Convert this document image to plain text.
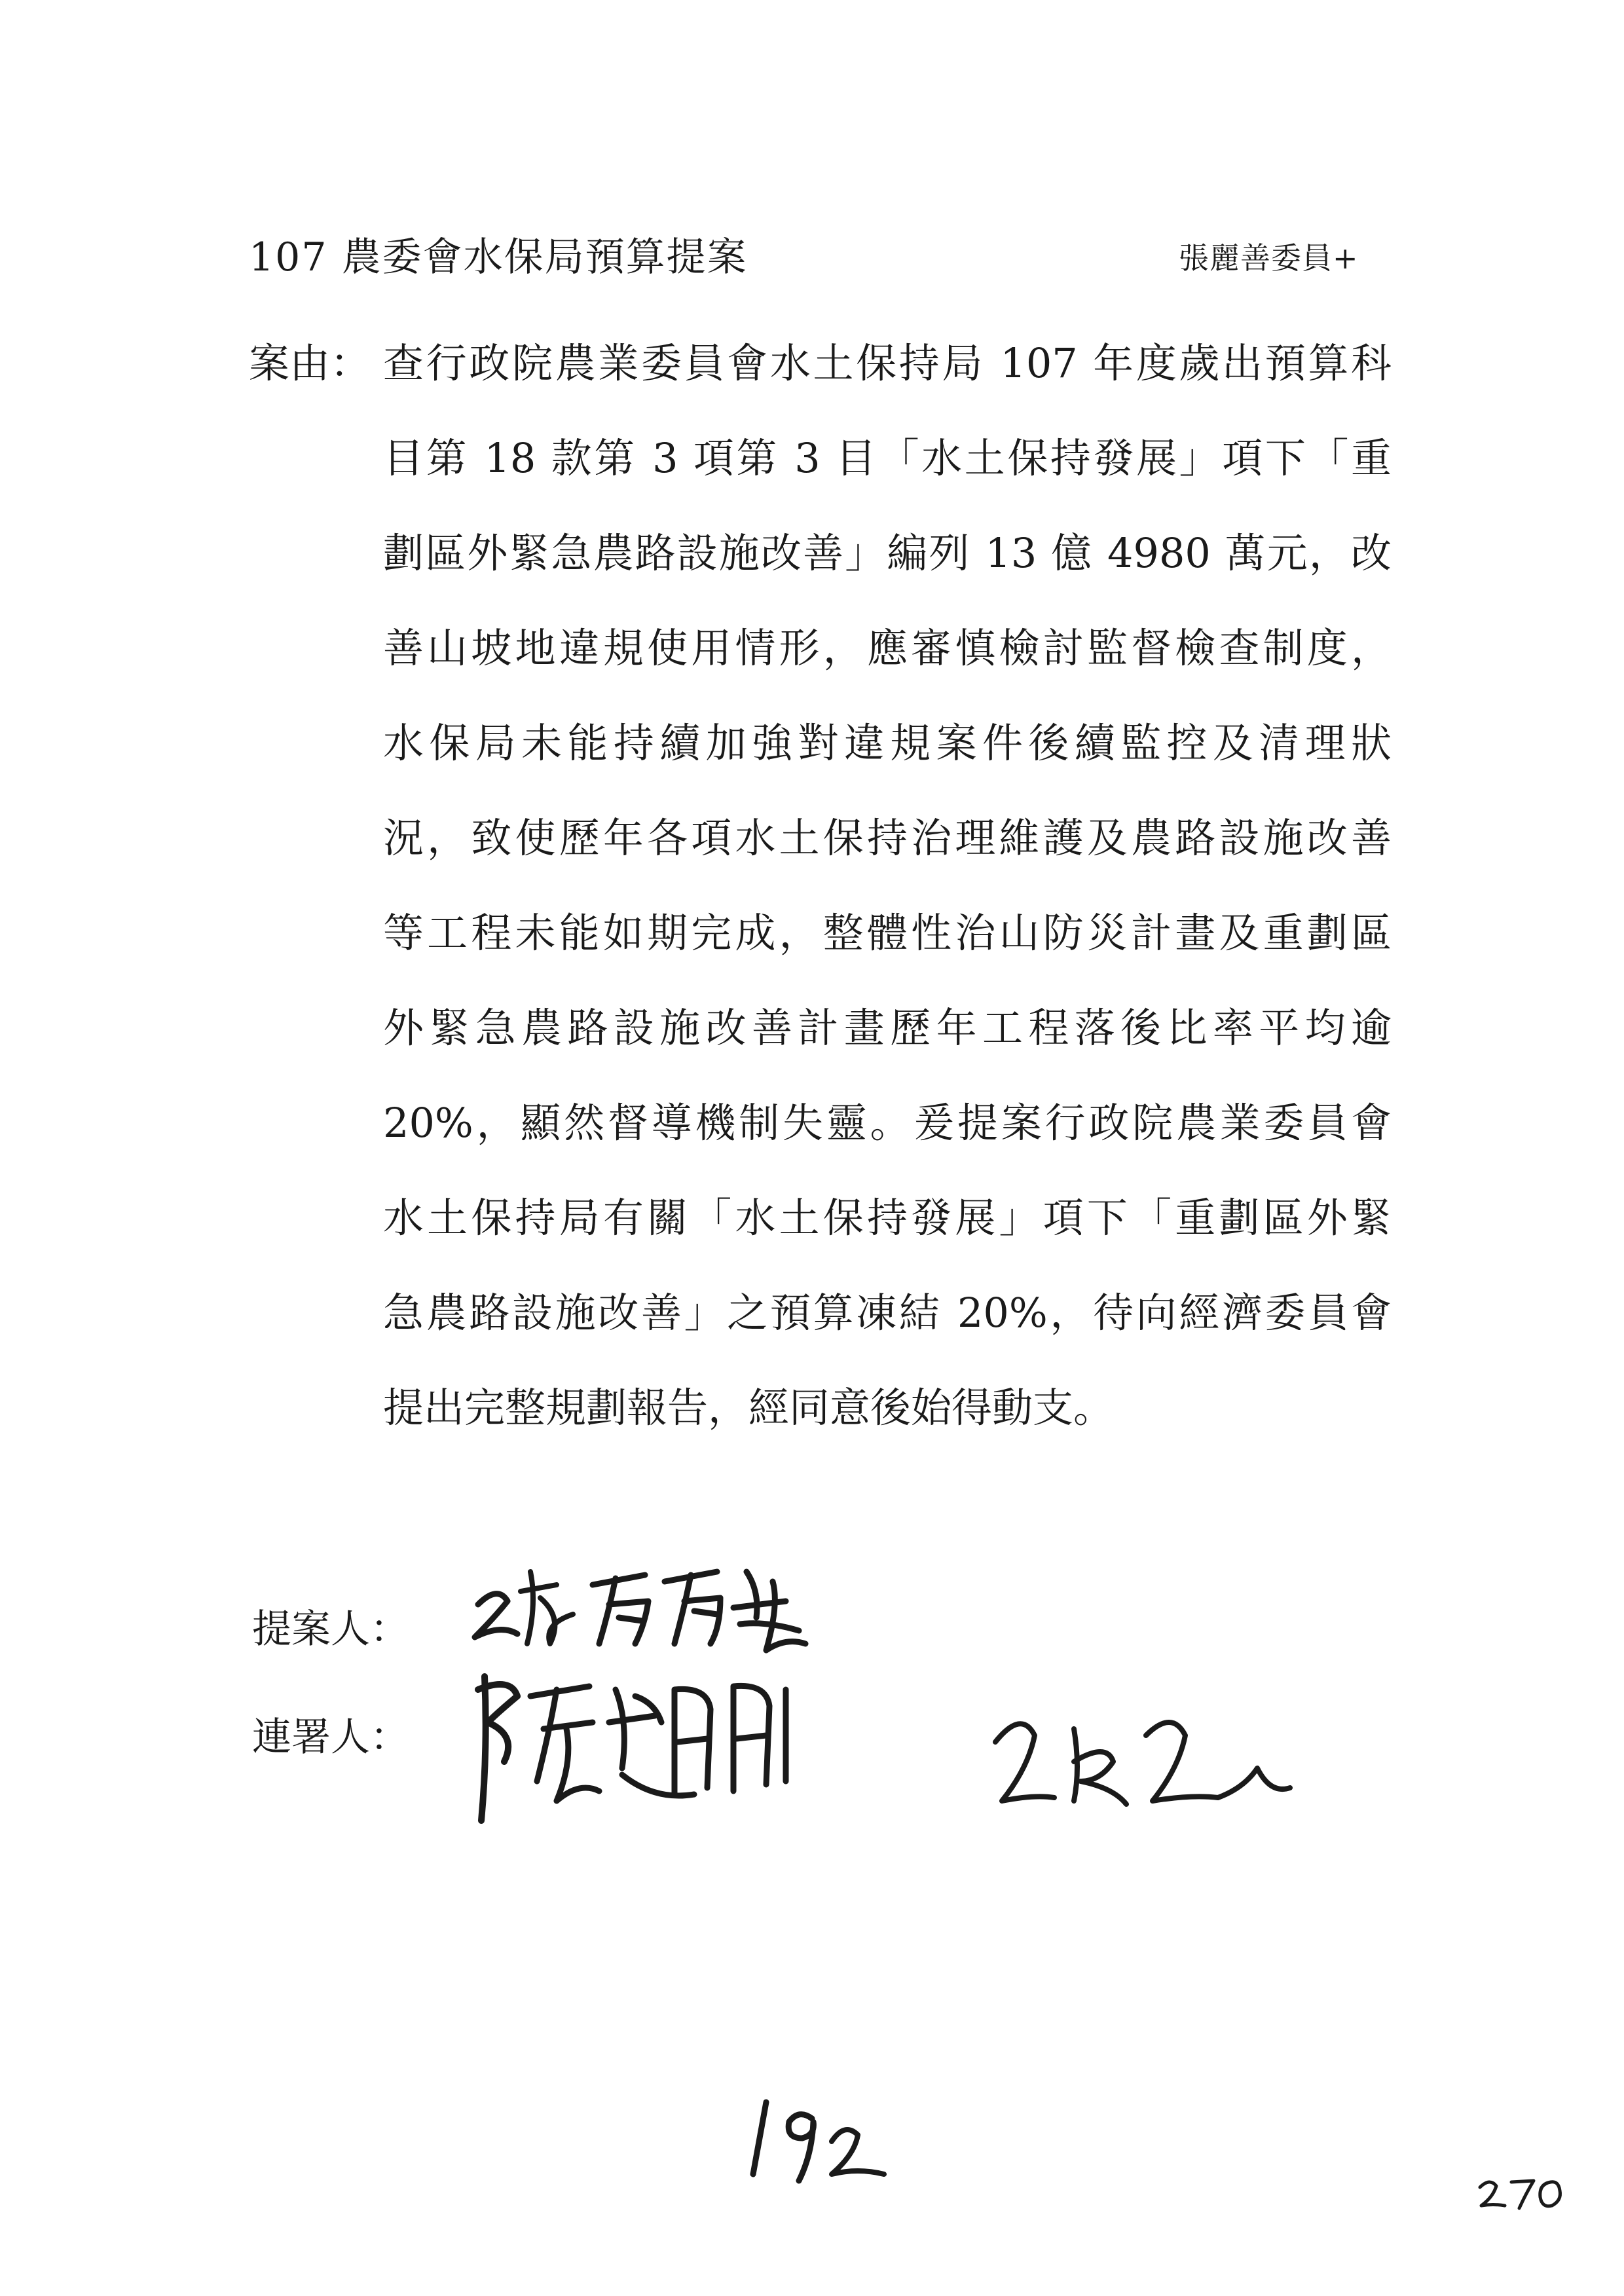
107 農委會水保局預算提案	張麗善委員+
案由： 查行政院農業委員會水土保持局 107 年度歲出預算科
目第 18 款第 3 項第 3 目「水土保持發展」項下「重
劃區外緊急農路設施改善」編列 13 億 4980 萬元，改
善山坡地違規使用情形，應審慎檢討監督檢查制度，
水保局未能持續加強對違規案件後續監控及清理狀
況，致使歷年各項水土保持治理維護及農路設施改善
等工程未能如期完成，整體性治山防災計畫及重劃區
外緊急農路設施改善計畫歷年工程落後比率平均逾
20%，顯然督導機制失靈。爰提案行政院農業委員會
水土保持局有關「水土保持發展」項下「重劃區外緊
急農路設施改善」之預算凍結 20%，待向經濟委員會
提出完整規劃報告，經同意後始得動支。
提案人：
連署人：
